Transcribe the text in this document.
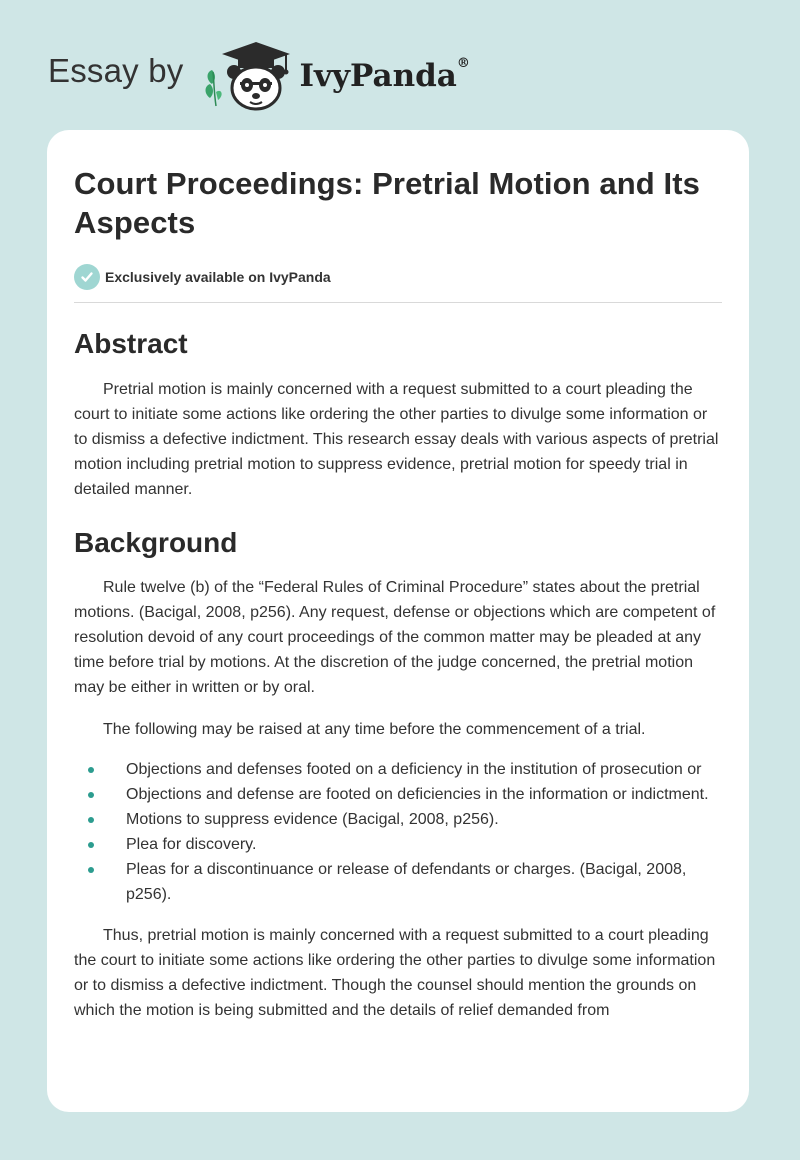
Essay by	IvyPanda®
Court Proceedings: Pretrial Motion and Its Aspects
Exclusively available on IvyPanda
Abstract

Pretrial motion is mainly concerned with a request submitted to a court pleading the court to initiate some actions like ordering the other parties to divulge some information or to dismiss a defective indictment. This research essay deals with various aspects of pretrial motion including pretrial motion to suppress evidence, pretrial motion for speedy trial in detailed manner.

Background

Rule twelve (b) of the “Federal Rules of Criminal Procedure” states about the pretrial motions. (Bacigal, 2008, p256). Any request, defense or objections which are competent of resolution devoid of any court proceedings of the common matter may be pleaded at any time before trial by motions. At the discretion of the judge concerned, the pretrial motion may be either in written or by oral.

The following may be raised at any time before the commencement of a trial.

Objections and defenses footed on a deficiency in the institution of prosecution or
Objections and defense are footed on deficiencies in the information or indictment.
Motions to suppress evidence (Bacigal, 2008, p256).
Plea for discovery.
Pleas for a discontinuance or release of defendants or charges. (Bacigal, 2008, p256).

Thus, pretrial motion is mainly concerned with a request submitted to a court pleading the court to initiate some actions like ordering the other parties to divulge some information or to dismiss a defective indictment. Though the counsel should mention the grounds on which the motion is being submitted and the details of relief demanded from
